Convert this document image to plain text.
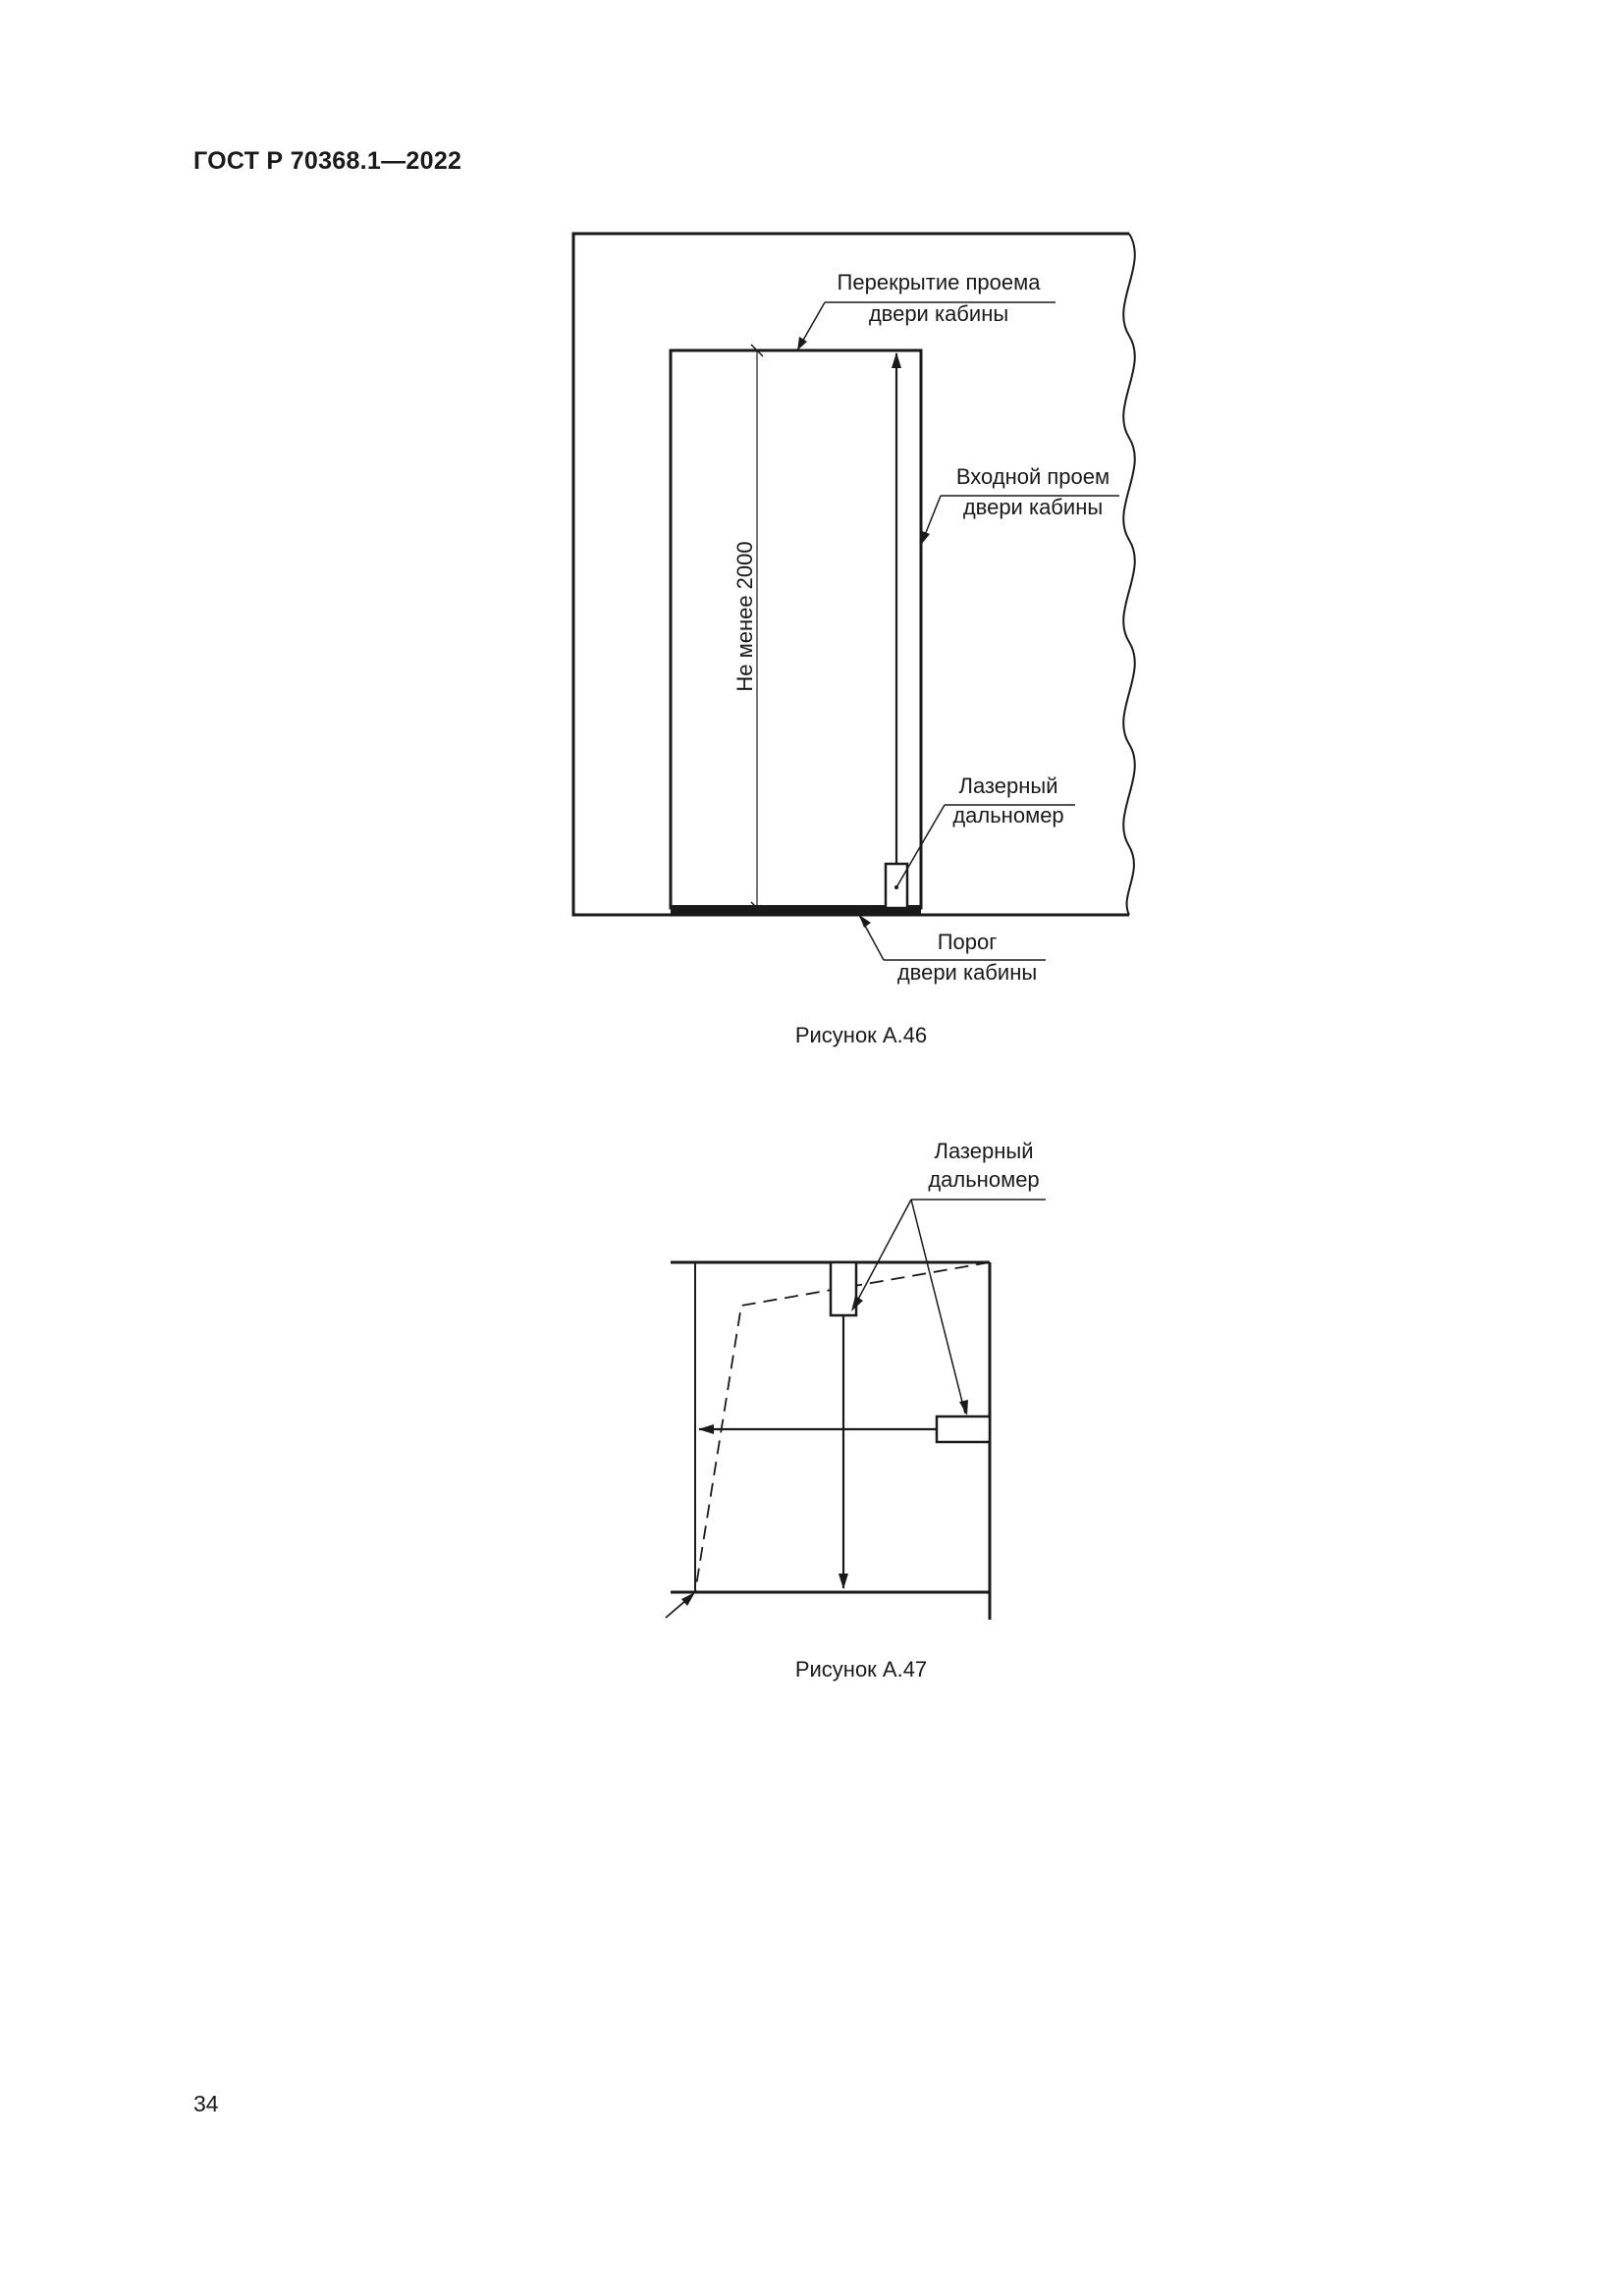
ГОСТ Р 70368.1—2022
Не менее 2000
Перекрытие проема
двери кабины
Входной проем
двери кабины
Лазерный
дальномер
Порог
двери кабины
Лазерный
дальномер
Рисунок А.46
Рисунок А.47
34
